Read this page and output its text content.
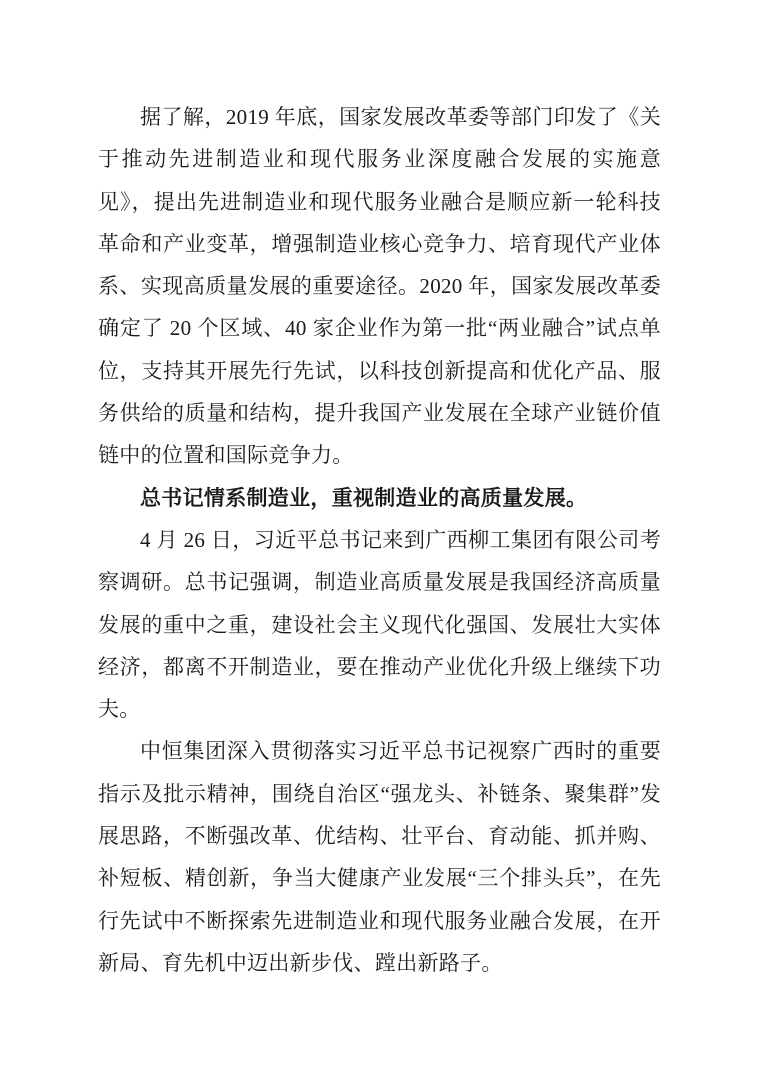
据了解，2019 年底，国家发展改革委等部门印发了《关于推动先进制造业和现代服务业深度融合发展的实施意见》，提出先进制造业和现代服务业融合是顺应新一轮科技革命和产业变革，增强制造业核心竞争力、培育现代产业体系、实现高质量发展的重要途径。2020 年，国家发展改革委确定了 20 个区域、40 家企业作为第一批“两业融合”试点单位，支持其开展先行先试，以科技创新提高和优化产品、服务供给的质量和结构，提升我国产业发展在全球产业链价值链中的位置和国际竞争力。

总书记情系制造业，重视制造业的高质量发展。

4 月 26 日，习近平总书记来到广西柳工集团有限公司考察调研。总书记强调，制造业高质量发展是我国经济高质量发展的重中之重，建设社会主义现代化强国、发展壮大实体经济，都离不开制造业，要在推动产业优化升级上继续下功夫。

中恒集团深入贯彻落实习近平总书记视察广西时的重要指示及批示精神，围绕自治区“强龙头、补链条、聚集群”发展思路，不断强改革、优结构、壮平台、育动能、抓并购、补短板、精创新，争当大健康产业发展“三个排头兵”，在先行先试中不断探索先进制造业和现代服务业融合发展，在开新局、育先机中迈出新步伐、蹚出新路子。
